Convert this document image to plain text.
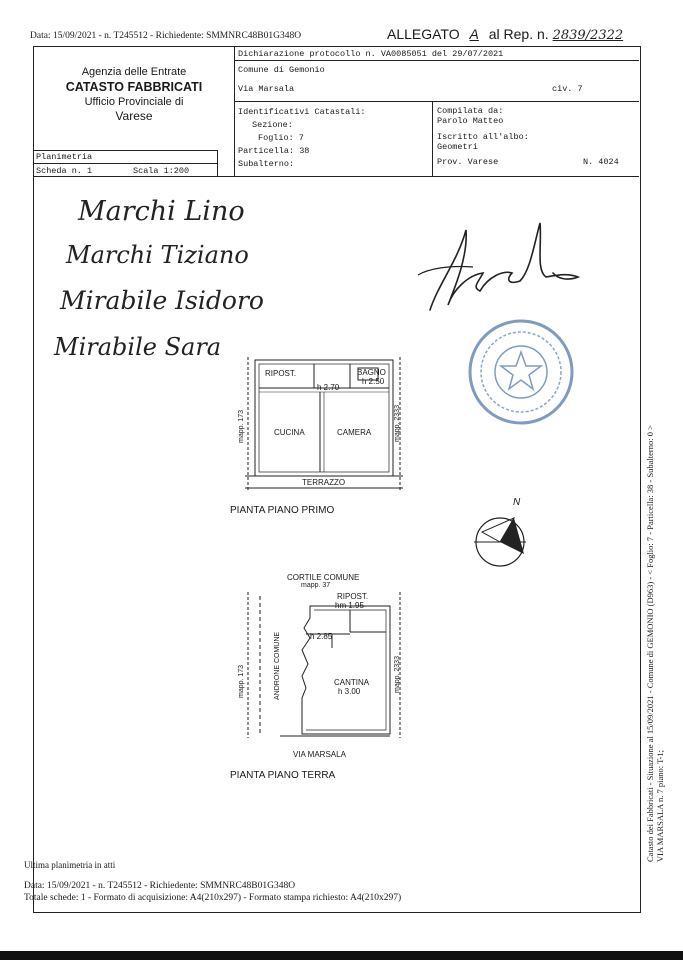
Data: 15/09/2021 - n. T245512 - Richiedente: SMMNRC48B01G348O	ALLEGATO A al Rep. n. 2839/2322
Agenzia delle Entrate
CATASTO FABBRICATI
Ufficio Provinciale di
Varese
Planimetria
Scheda n. 1	Scala 1:200
Dichiarazione protocollo n. VA0085051 del 29/07/2021
Comune di Gemonio
Via Marsala	civ. 7
Identificativi Catastali:
Sezione:
Foglio: 7
Particella: 38
Subalterno:
Compilata da:
Parolo Matteo
Iscritto all'albo:
Geometri
Prov. Varese	N. 4024
Marchi Lino
Marchi Tiziano
Mirabile Isidoro
Mirabile Sara
RIPOST.	BAGNO
h 2.50
h 2.70
CUCINA	CAMERA
TERRAZZO
mapp. 173	mapp. 2333
PIANTA PIANO PRIMO
N
CORTILE COMUNE
mapp. 37
RIPOST.
hm 1.95
h 2.85
CANTINA
h 3.00
ANDRONE COMUNE
mapp. 173	mapp. 2333
VIA MARSALA
PIANTA PIANO TERRA	Catasto dei Fabbricati - Situazione al 15/09/2021 - Comune di GEMONIO (D963) - < Foglio: 7 - Particella: 38 - Subalterno: 0 > VIA MARSALA n. 7 piano: T-1;
Ultima planimetria in atti
Data: 15/09/2021 - n. T245512 - Richiedente: SMMNRC48B01G348O
Totale schede: 1 - Formato di acquisizione: A4(210x297) - Formato stampa richiesto: A4(210x297)
